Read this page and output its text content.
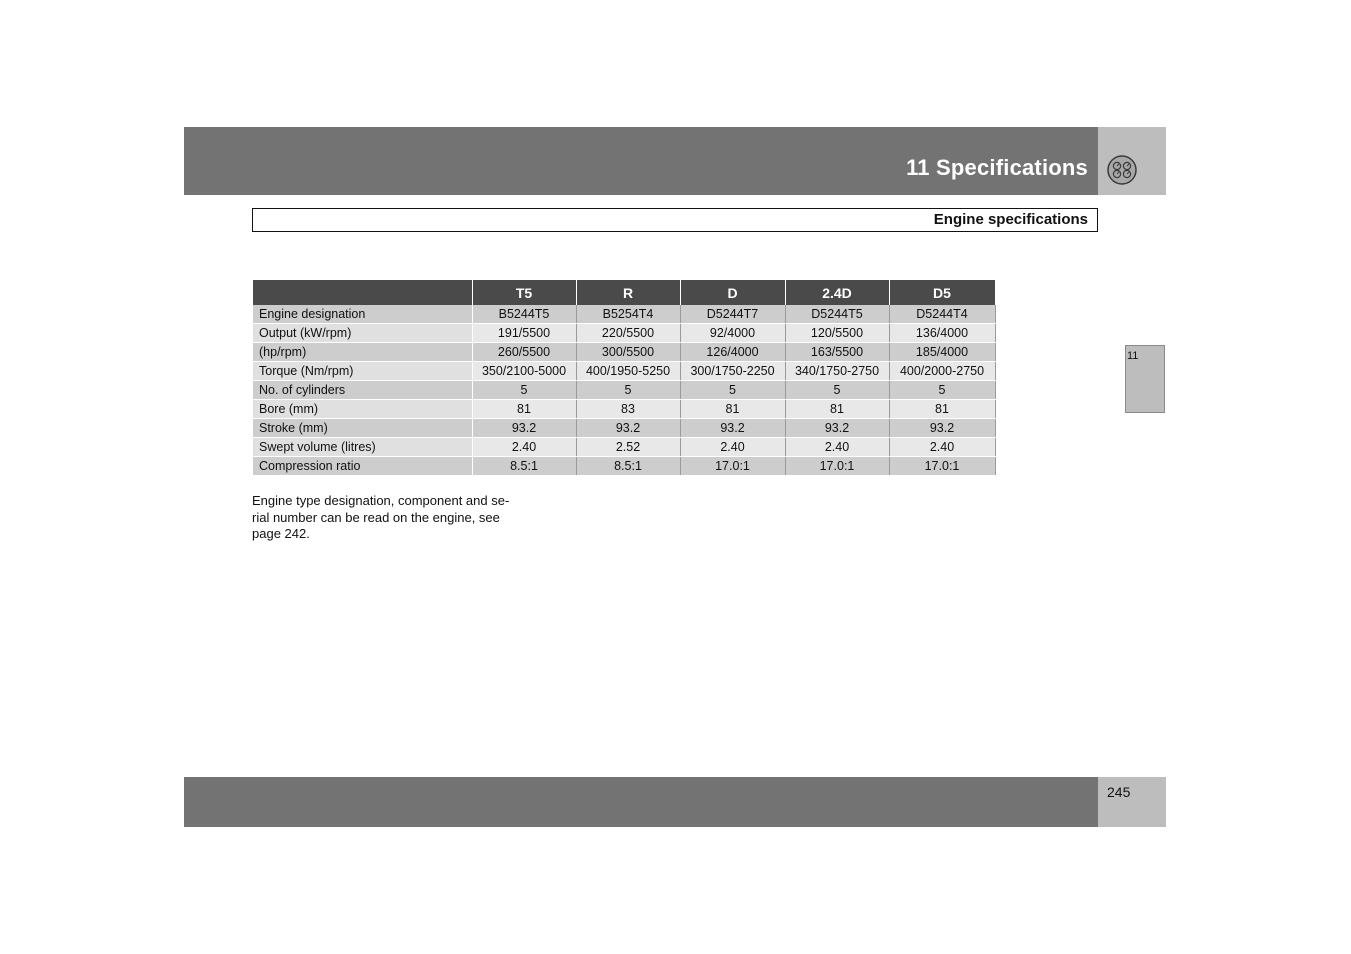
11 Specifications
Engine specifications
11
	T5	R	D	2.4D	D5
Engine designation	B5244T5	B5254T4	D5244T7	D5244T5	D5244T4
Output (kW/rpm)	191/5500	220/5500	92/4000	120/5500	136/4000
(hp/rpm)	260/5500	300/5500	126/4000	163/5500	185/4000
Torque (Nm/rpm)	350/2100-5000	400/1950-5250	300/1750-2250	340/1750-2750	400/2000-2750
No. of cylinders	5	5	5	5	5
Bore (mm)	81	83	81	81	81
Stroke (mm)	93.2	93.2	93.2	93.2	93.2
Swept volume (litres)	2.40	2.52	2.40	2.40	2.40
Compression ratio	8.5:1	8.5:1	17.0:1	17.0:1	17.0:1
Engine type designation, component and se-
rial number can be read on the engine, see
page 242.
245
